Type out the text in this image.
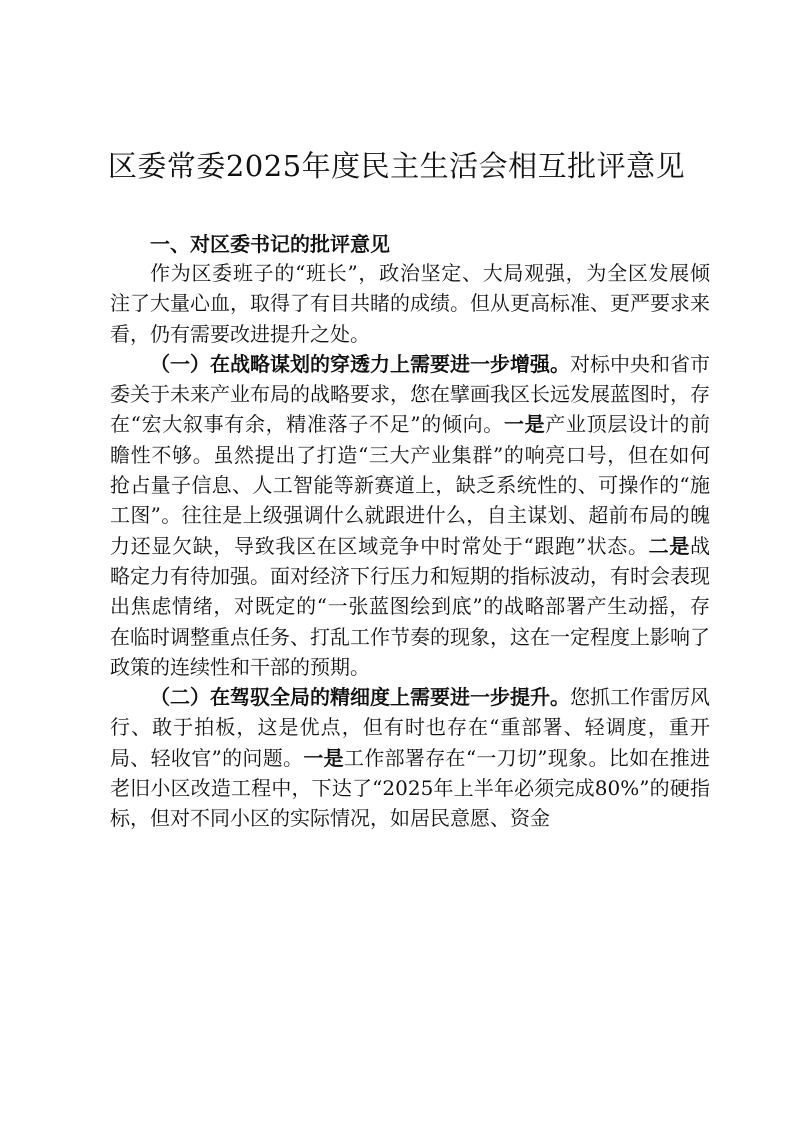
区委常委2025年度民主生活会相互批评意见
一、对区委书记的批评意见

作为区委班子的“班长”，政治坚定、大局观强，为全区发展倾注了大量心血，取得了有目共睹的成绩。但从更高标准、更严要求来看，仍有需要改进提升之处。

（一）在战略谋划的穿透力上需要进一步增强。对标中央和省市委关于未来产业布局的战略要求，您在擘画我区长远发展蓝图时，存在“宏大叙事有余，精准落子不足”的倾向。一是产业顶层设计的前瞻性不够。虽然提出了打造“三大产业集群”的响亮口号，但在如何抢占量子信息、人工智能等新赛道上，缺乏系统性的、可操作的“施工图”。往往是上级强调什么就跟进什么，自主谋划、超前布局的魄力还显欠缺，导致我区在区域竞争中时常处于“跟跑”状态。二是战略定力有待加强。面对经济下行压力和短期的指标波动，有时会表现出焦虑情绪，对既定的“一张蓝图绘到底”的战略部署产生动摇，存在临时调整重点任务、打乱工作节奏的现象，这在一定程度上影响了政策的连续性和干部的预期。

（二）在驾驭全局的精细度上需要进一步提升。您抓工作雷厉风行、敢于拍板，这是优点，但有时也存在“重部署、轻调度，重开局、轻收官”的问题。一是工作部署存在“一刀切”现象。比如在推进老旧小区改造工程中，下达了“2025年上半年必须完成80%”的硬指标，但对不同小区的实际情况，如居民意愿、资金
